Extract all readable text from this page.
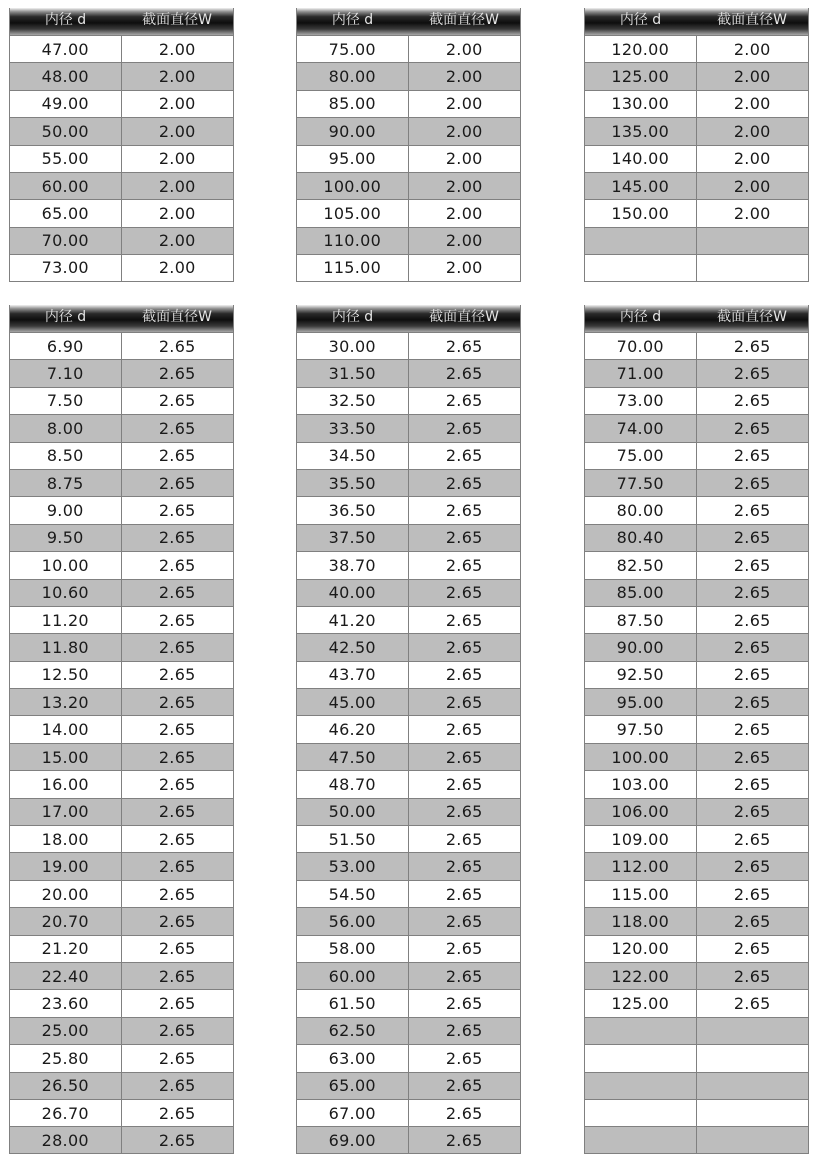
内径 d	截面直径W
47.00	2.00
48.00	2.00
49.00	2.00
50.00	2.00
55.00	2.00
60.00	2.00
65.00	2.00
70.00	2.00
73.00	2.00
内径 d	截面直径W
75.00	2.00
80.00	2.00
85.00	2.00
90.00	2.00
95.00	2.00
100.00	2.00
105.00	2.00
110.00	2.00
115.00	2.00
内径 d	截面直径W
120.00	2.00
125.00	2.00
130.00	2.00
135.00	2.00
140.00	2.00
145.00	2.00
150.00	2.00
内径 d	截面直径W
6.90	2.65
7.10	2.65
7.50	2.65
8.00	2.65
8.50	2.65
8.75	2.65
9.00	2.65
9.50	2.65
10.00	2.65
10.60	2.65
11.20	2.65
11.80	2.65
12.50	2.65
13.20	2.65
14.00	2.65
15.00	2.65
16.00	2.65
17.00	2.65
18.00	2.65
19.00	2.65
20.00	2.65
20.70	2.65
21.20	2.65
22.40	2.65
23.60	2.65
25.00	2.65
25.80	2.65
26.50	2.65
26.70	2.65
28.00	2.65
内径 d	截面直径W
30.00	2.65
31.50	2.65
32.50	2.65
33.50	2.65
34.50	2.65
35.50	2.65
36.50	2.65
37.50	2.65
38.70	2.65
40.00	2.65
41.20	2.65
42.50	2.65
43.70	2.65
45.00	2.65
46.20	2.65
47.50	2.65
48.70	2.65
50.00	2.65
51.50	2.65
53.00	2.65
54.50	2.65
56.00	2.65
58.00	2.65
60.00	2.65
61.50	2.65
62.50	2.65
63.00	2.65
65.00	2.65
67.00	2.65
69.00	2.65
内径 d	截面直径W
70.00	2.65
71.00	2.65
73.00	2.65
74.00	2.65
75.00	2.65
77.50	2.65
80.00	2.65
80.40	2.65
82.50	2.65
85.00	2.65
87.50	2.65
90.00	2.65
92.50	2.65
95.00	2.65
97.50	2.65
100.00	2.65
103.00	2.65
106.00	2.65
109.00	2.65
112.00	2.65
115.00	2.65
118.00	2.65
120.00	2.65
122.00	2.65
125.00	2.65
